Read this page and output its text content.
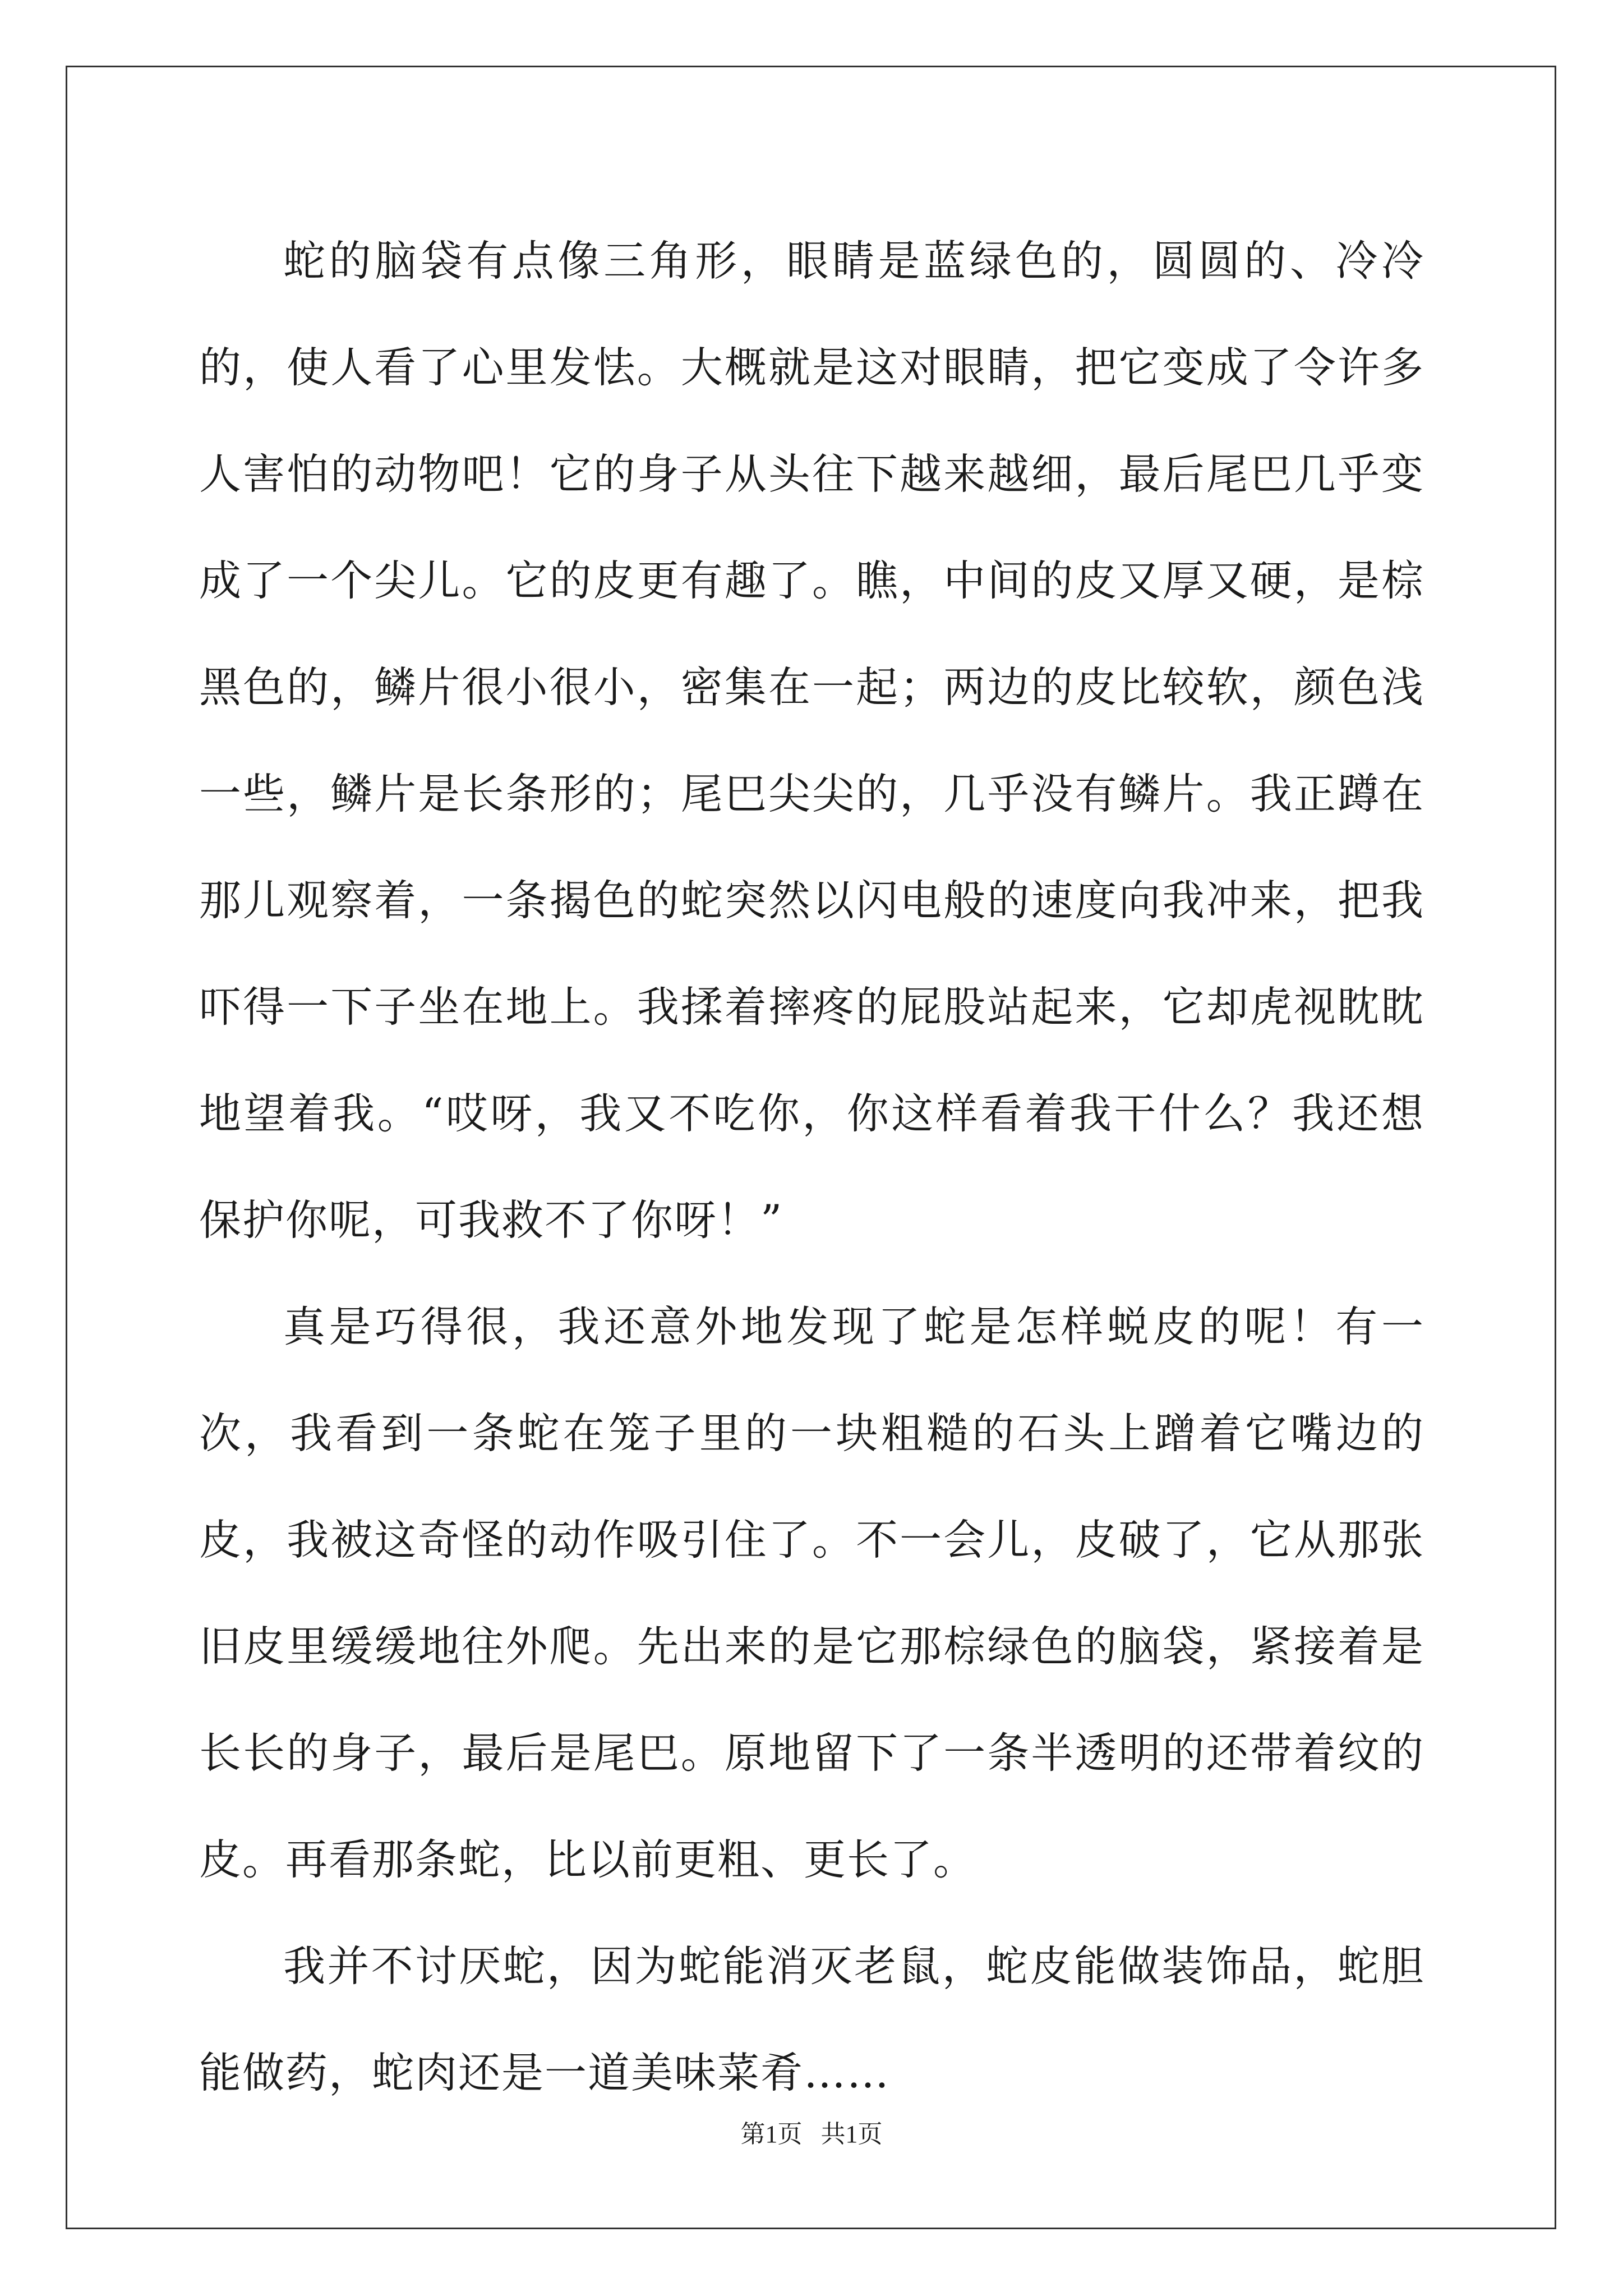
蛇的脑袋有点像三角形，眼睛是蓝绿色的，圆圆的、冷冷的，使人看了心里发怯。大概就是这对眼睛，把它变成了令许多人害怕的动物吧！它的身子从头往下越来越细，最后尾巴几乎变成了一个尖儿。它的皮更有趣了。瞧，中间的皮又厚又硬，是棕黑色的，鳞片很小很小，密集在一起；两边的皮比较软，颜色浅一些，鳞片是长条形的；尾巴尖尖的，几乎没有鳞片。我正蹲在那儿观察着，一条揭色的蛇突然以闪电般的速度向我冲来，把我吓得一下子坐在地上。我揉着摔疼的屁股站起来，它却虎视眈眈地望着我。“哎呀，我又不吃你，你这样看着我干什么？我还想保护你呢，可我救不了你呀！”

真是巧得很，我还意外地发现了蛇是怎样蜕皮的呢！有一次，我看到一条蛇在笼子里的一块粗糙的石头上蹭着它嘴边的皮，我被这奇怪的动作吸引住了。不一会儿，皮破了，它从那张旧皮里缓缓地往外爬。先出来的是它那棕绿色的脑袋，紧接着是长长的身子，最后是尾巴。原地留下了一条半透明的还带着纹的皮。再看那条蛇，比以前更粗、更长了。

我并不讨厌蛇，因为蛇能消灭老鼠，蛇皮能做装饰品，蛇胆能做药，蛇肉还是一道美味菜肴……

第1页   共1页
